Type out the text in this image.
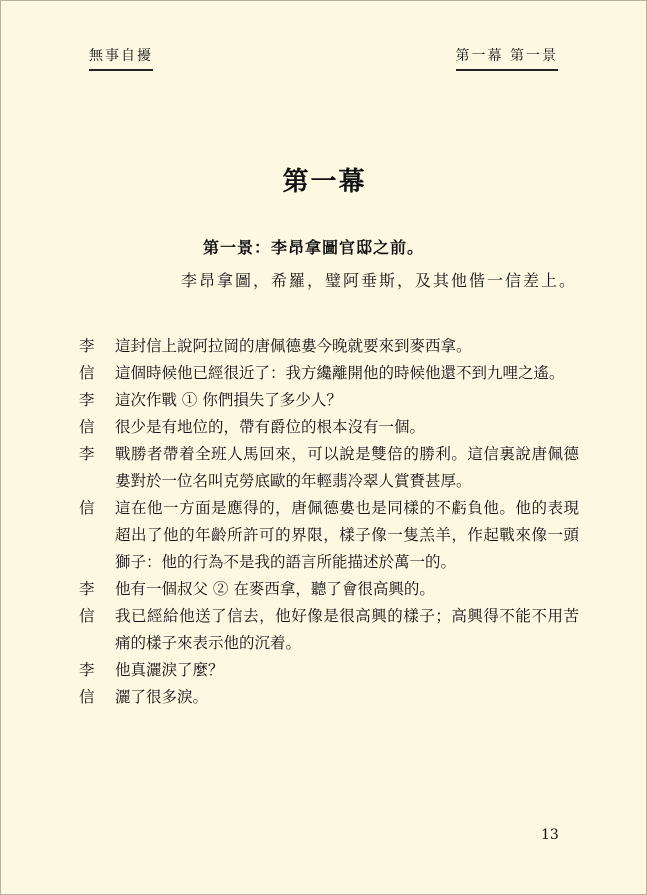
無事自擾	第一幕 第一景
第一幕
第一景：李昂拿圖官邸之前。
李昂拿圖，希羅，璧阿垂斯，及其他偕一信差上。
李	這封信上說阿拉岡的唐佩德婁今晚就要來到麥西拿。
信	這個時候他已經很近了：我方纔離開他的時候他還不到九哩之遙。
李	這次作戰 ① 你們損失了多少人？
信	很少是有地位的，帶有爵位的根本沒有一個。
李	戰勝者帶着全班人馬回來，可以說是雙倍的勝利。這信裏說唐佩德婁對於一位名叫克勞底歐的年輕翡冷翠人賞賚甚厚。
信	這在他一方面是應得的，唐佩德婁也是同樣的不虧負他。他的表現超出了他的年齡所許可的界限，樣子像一隻羔羊，作起戰來像一頭獅子：他的行為不是我的語言所能描述於萬一的。
李	他有一個叔父 ② 在麥西拿，聽了會很高興的。
信	我已經給他送了信去，他好像是很高興的樣子；高興得不能不用苦痛的樣子來表示他的沉着。
李	他真灑淚了麼？
信	灑了很多淚。
13
